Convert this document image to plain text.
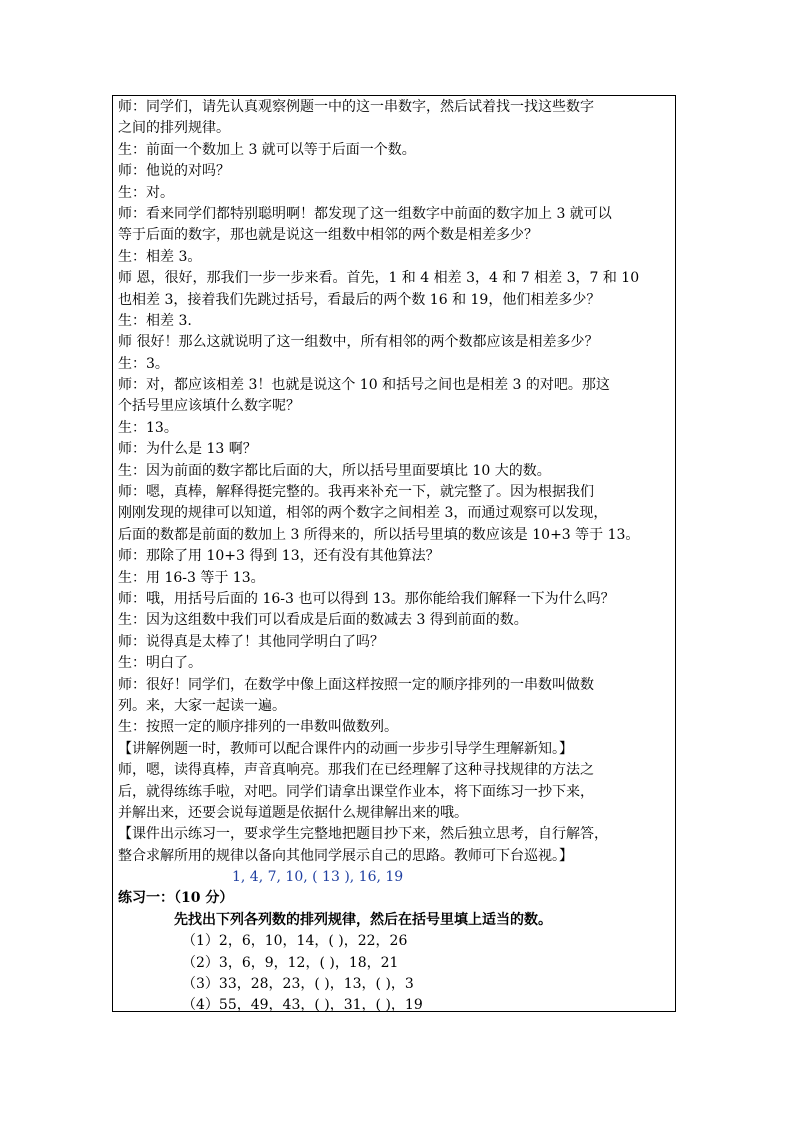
师：同学们，请先认真观察例题一中的这一串数字，然后试着找一找这些数字
之间的排列规律。
生：前面一个数加上 3 就可以等于后面一个数。
师：他说的对吗？
生：对。
师：看来同学们都特别聪明啊！都发现了这一组数字中前面的数字加上 3 就可以
等于后面的数字，那也就是说这一组数中相邻的两个数是相差多少？
生：相差 3。
师 恩，很好，那我们一步一步来看。首先，1 和 4 相差 3，4 和 7 相差 3，7 和 10
也相差 3，接着我们先跳过括号，看最后的两个数 16 和 19，他们相差多少？
生：相差 3.
师 很好！那么这就说明了这一组数中，所有相邻的两个数都应该是相差多少？
生：3。
师：对，都应该相差 3！也就是说这个 10 和括号之间也是相差 3 的对吧。那这
个括号里应该填什么数字呢？
生：13。
师：为什么是 13 啊？
生：因为前面的数字都比后面的大，所以括号里面要填比 10 大的数。
师：嗯，真棒，解释得挺完整的。我再来补充一下，就完整了。因为根据我们
刚刚发现的规律可以知道，相邻的两个数字之间相差 3，而通过观察可以发现，
后面的数都是前面的数加上 3 所得来的，所以括号里填的数应该是 10+3 等于 13。
师：那除了用 10+3 得到 13，还有没有其他算法？
生：用 16-3 等于 13。
师：哦，用括号后面的 16-3 也可以得到 13。那你能给我们解释一下为什么吗？
生：因为这组数中我们可以看成是后面的数减去 3 得到前面的数。
师：说得真是太棒了！其他同学明白了吗？
生：明白了。
师：很好！同学们，在数学中像上面这样按照一定的顺序排列的一串数叫做数
列。来，大家一起读一遍。
生：按照一定的顺序排列的一串数叫做数列。
【讲解例题一时，教师可以配合课件内的动画一步步引导学生理解新知。】
师，嗯，读得真棒，声音真响亮。那我们在已经理解了这种寻找规律的方法之
后，就得练练手啦，对吧。同学们请拿出课堂作业本，将下面练习一抄下来，
并解出来，还要会说每道题是依据什么规律解出来的哦。
【课件出示练习一，要求学生完整地把题目抄下来，然后独立思考，自行解答，
整合求解所用的规律以备向其他同学展示自己的思路。教师可下台巡视。】
1, 4, 7, 10, ( 13 ), 16, 19
练习一：（10 分）
先找出下列各列数的排列规律，然后在括号里填上适当的数。
（1）2，6，10，14，( )，22，26
（2）3，6，9，12，( )，18，21
（3）33，28，23，( )，13，( )，3
（4）55，49，43，( )，31，( )，19
